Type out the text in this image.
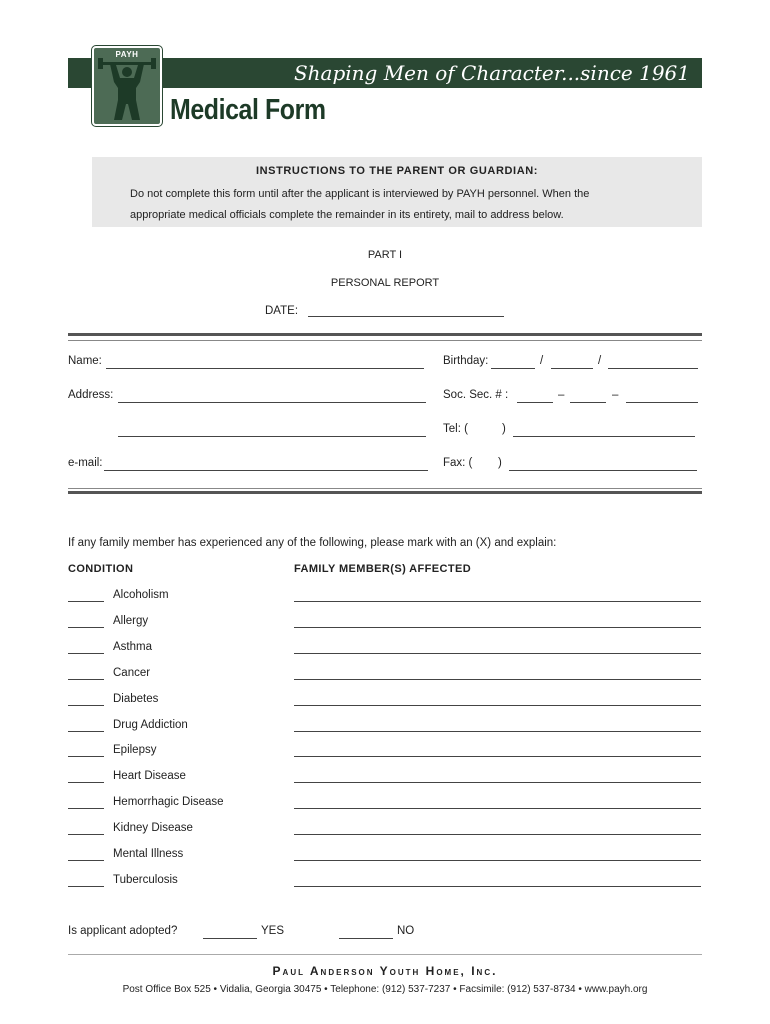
Shaping Men of Character...since 1961
PAYH
Medical Form
INSTRUCTIONS TO THE PARENT OR GUARDIAN:
Do not complete this form until after the applicant is interviewed by PAYH personnel. When the
appropriate medical officials complete the remainder in its entirety, mail to address below.
PART I
PERSONAL REPORT
DATE:
Name:	Birthday:	/	/
Address:	Soc. Sec. # :	–	–
Tel: (	)
e-mail:	Fax: ( )
If any family member has experienced any of the following, please mark with an (X) and explain:
CONDITION	FAMILY MEMBER(S) AFFECTED
Alcoholism
Allergy
Asthma
Cancer
Diabetes
Drug Addiction
Epilepsy
Heart Disease
Hemorrhagic Disease
Kidney Disease
Mental Illness
Tuberculosis
Is applicant adopted?	YES	NO
Paul Anderson Youth Home, Inc.
Post Office Box 525 • Vidalia, Georgia 30475 • Telephone: (912) 537-7237 • Facsimile: (912) 537-8734 • www.payh.org
